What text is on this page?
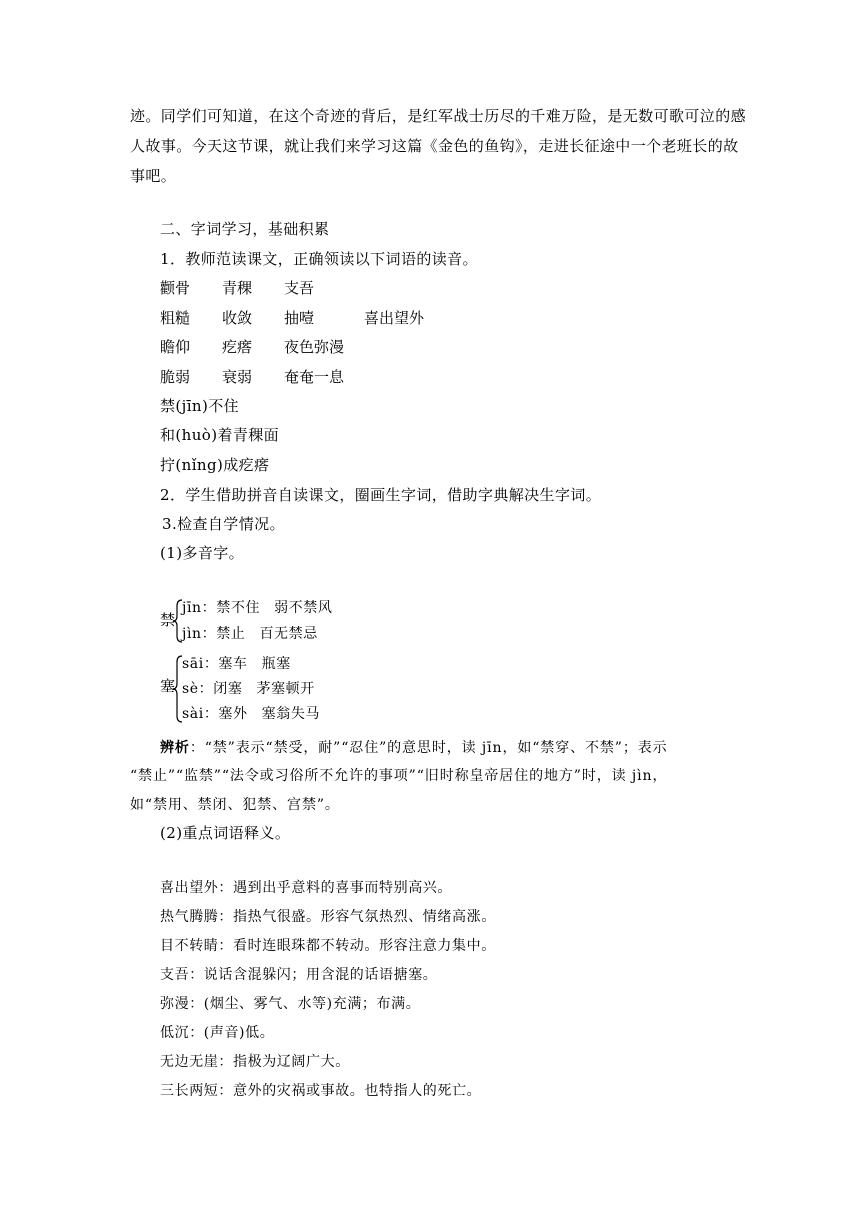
迹。同学们可知道，在这个奇迹的背后，是红军战士历尽的千难万险，是无数可歌可泣的感
人故事。今天这节课，就让我们来学习这篇《金色的鱼钩》，走进长征途中一个老班长的故
事吧。
二、字词学习，基础积累
1．教师范读课文，正确领读以下词语的读音。
颧骨 青稞 支吾
粗糙 收敛 抽噎	喜出望外
瞻仰 疙瘩 夜色弥漫
脆弱 衰弱 奄奄一息
禁(jīn)不住
和(huò)着青稞面
拧(nǐng)成疙瘩
2．学生借助拼音自读课文，圈画生字词，借助字典解决生字词。
3.检查自学情况。
(1)多音字。
禁
jīn：禁不住 弱不禁风
jìn：禁止 百无禁忌
塞
sāi：塞车 瓶塞
sè：闭塞 茅塞顿开
sài：塞外 塞翁失马
辨析：“禁”表示“禁受，耐”“忍住”的意思时，读 jīn，如“禁穿、不禁”；表示
“禁止”“监禁”“法令或习俗所不允许的事项”“旧时称皇帝居住的地方”时，读 jìn，
如“禁用、禁闭、犯禁、宫禁”。
(2)重点词语释义。
喜出望外：遇到出乎意料的喜事而特别高兴。
热气腾腾：指热气很盛。形容气氛热烈、情绪高涨。
目不转睛：看时连眼珠都不转动。形容注意力集中。
支吾：说话含混躲闪；用含混的话语搪塞。
弥漫：(烟尘、雾气、水等)充满；布满。
低沉：(声音)低。
无边无崖：指极为辽阔广大。
三长两短：意外的灾祸或事故。也特指人的死亡。
